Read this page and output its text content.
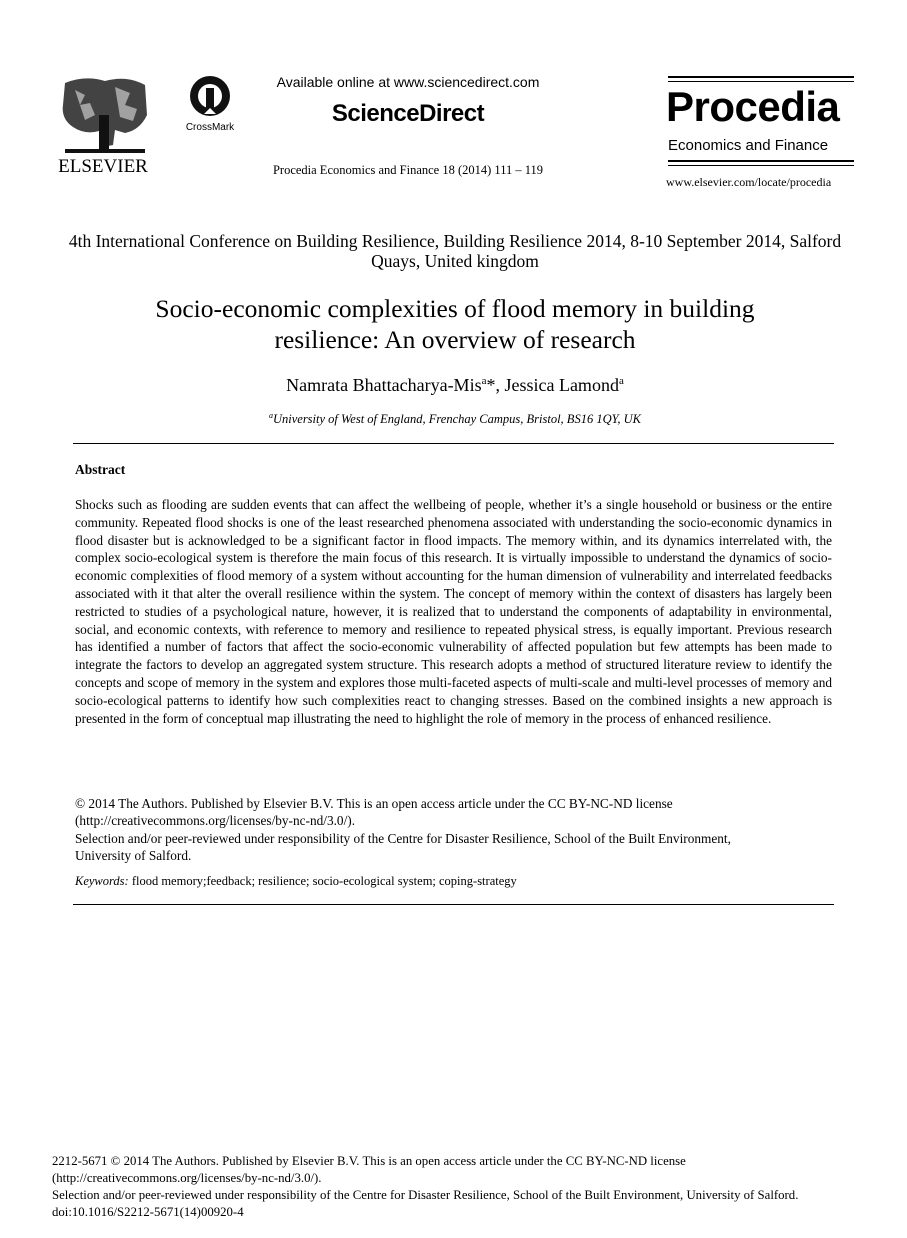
ELSEVIER
CrossMark
Available online at www.sciencedirect.com
ScienceDirect
Procedia Economics and Finance 18 (2014) 111 – 119
Procedia
Economics and Finance
www.elsevier.com/locate/procedia
4th International Conference on Building Resilience, Building Resilience 2014, 8-10 September 2014, Salford Quays, United kingdom
Socio-economic complexities of flood memory in building
resilience: An overview of research
Namrata Bhattacharya-Mis$^a$*, Jessica Lamond$^a$
$^a$University of West of England, Frenchay Campus, Bristol, BS16 1QY, UK
Abstract
Shocks such as flooding are sudden events that can affect the wellbeing of people, whether it’s a single household or business or the entire community. Repeated flood shocks is one of the least researched phenomena associated with understanding the socio-economic dynamics in flood disaster but is acknowledged to be a significant factor in flood impacts. The memory within, and its dynamics interrelated with, the complex socio-ecological system is therefore the main focus of this research. It is virtually impossible to understand the dynamics of socio-economic complexities of flood memory of a system without accounting for the human dimension of vulnerability and interrelated feedbacks associated with it that alter the overall resilience within the system. The concept of memory within the context of disasters has largely been restricted to studies of a psychological nature, however, it is realized that to understand the components of adaptability in environmental, social, and economic contexts, with reference to memory and resilience to repeated physical stress, is equally important. Previous research has identified a number of factors that affect the socio-economic vulnerability of affected population but few attempts has been made to integrate the factors to develop an aggregated system structure. This research adopts a method of structured literature review to identify the concepts and scope of memory in the system and explores those multi-faceted aspects of multi-scale and multi-level processes of memory and socio-ecological patterns to identify how such complexities react to changing stresses. Based on the combined insights a new approach is presented in the form of conceptual map illustrating the need to highlight the role of memory in the process of enhanced resilience.
© 2014 The Authors. Published by Elsevier B.V. This is an open access article under the CC BY-NC-ND license
(http://creativecommons.org/licenses/by-nc-nd/3.0/).
Selection and/or peer-reviewed under responsibility of the Centre for Disaster Resilience, School of the Built Environment,
University of Salford.
Keywords: flood memory;feedback; resilience; socio-ecological system; coping-strategy
2212-5671 © 2014 The Authors. Published by Elsevier B.V. This is an open access article under the CC BY-NC-ND license
(http://creativecommons.org/licenses/by-nc-nd/3.0/).
Selection and/or peer-reviewed under responsibility of the Centre for Disaster Resilience, School of the Built Environment, University of Salford.
doi:10.1016/S2212-5671(14)00920-4
